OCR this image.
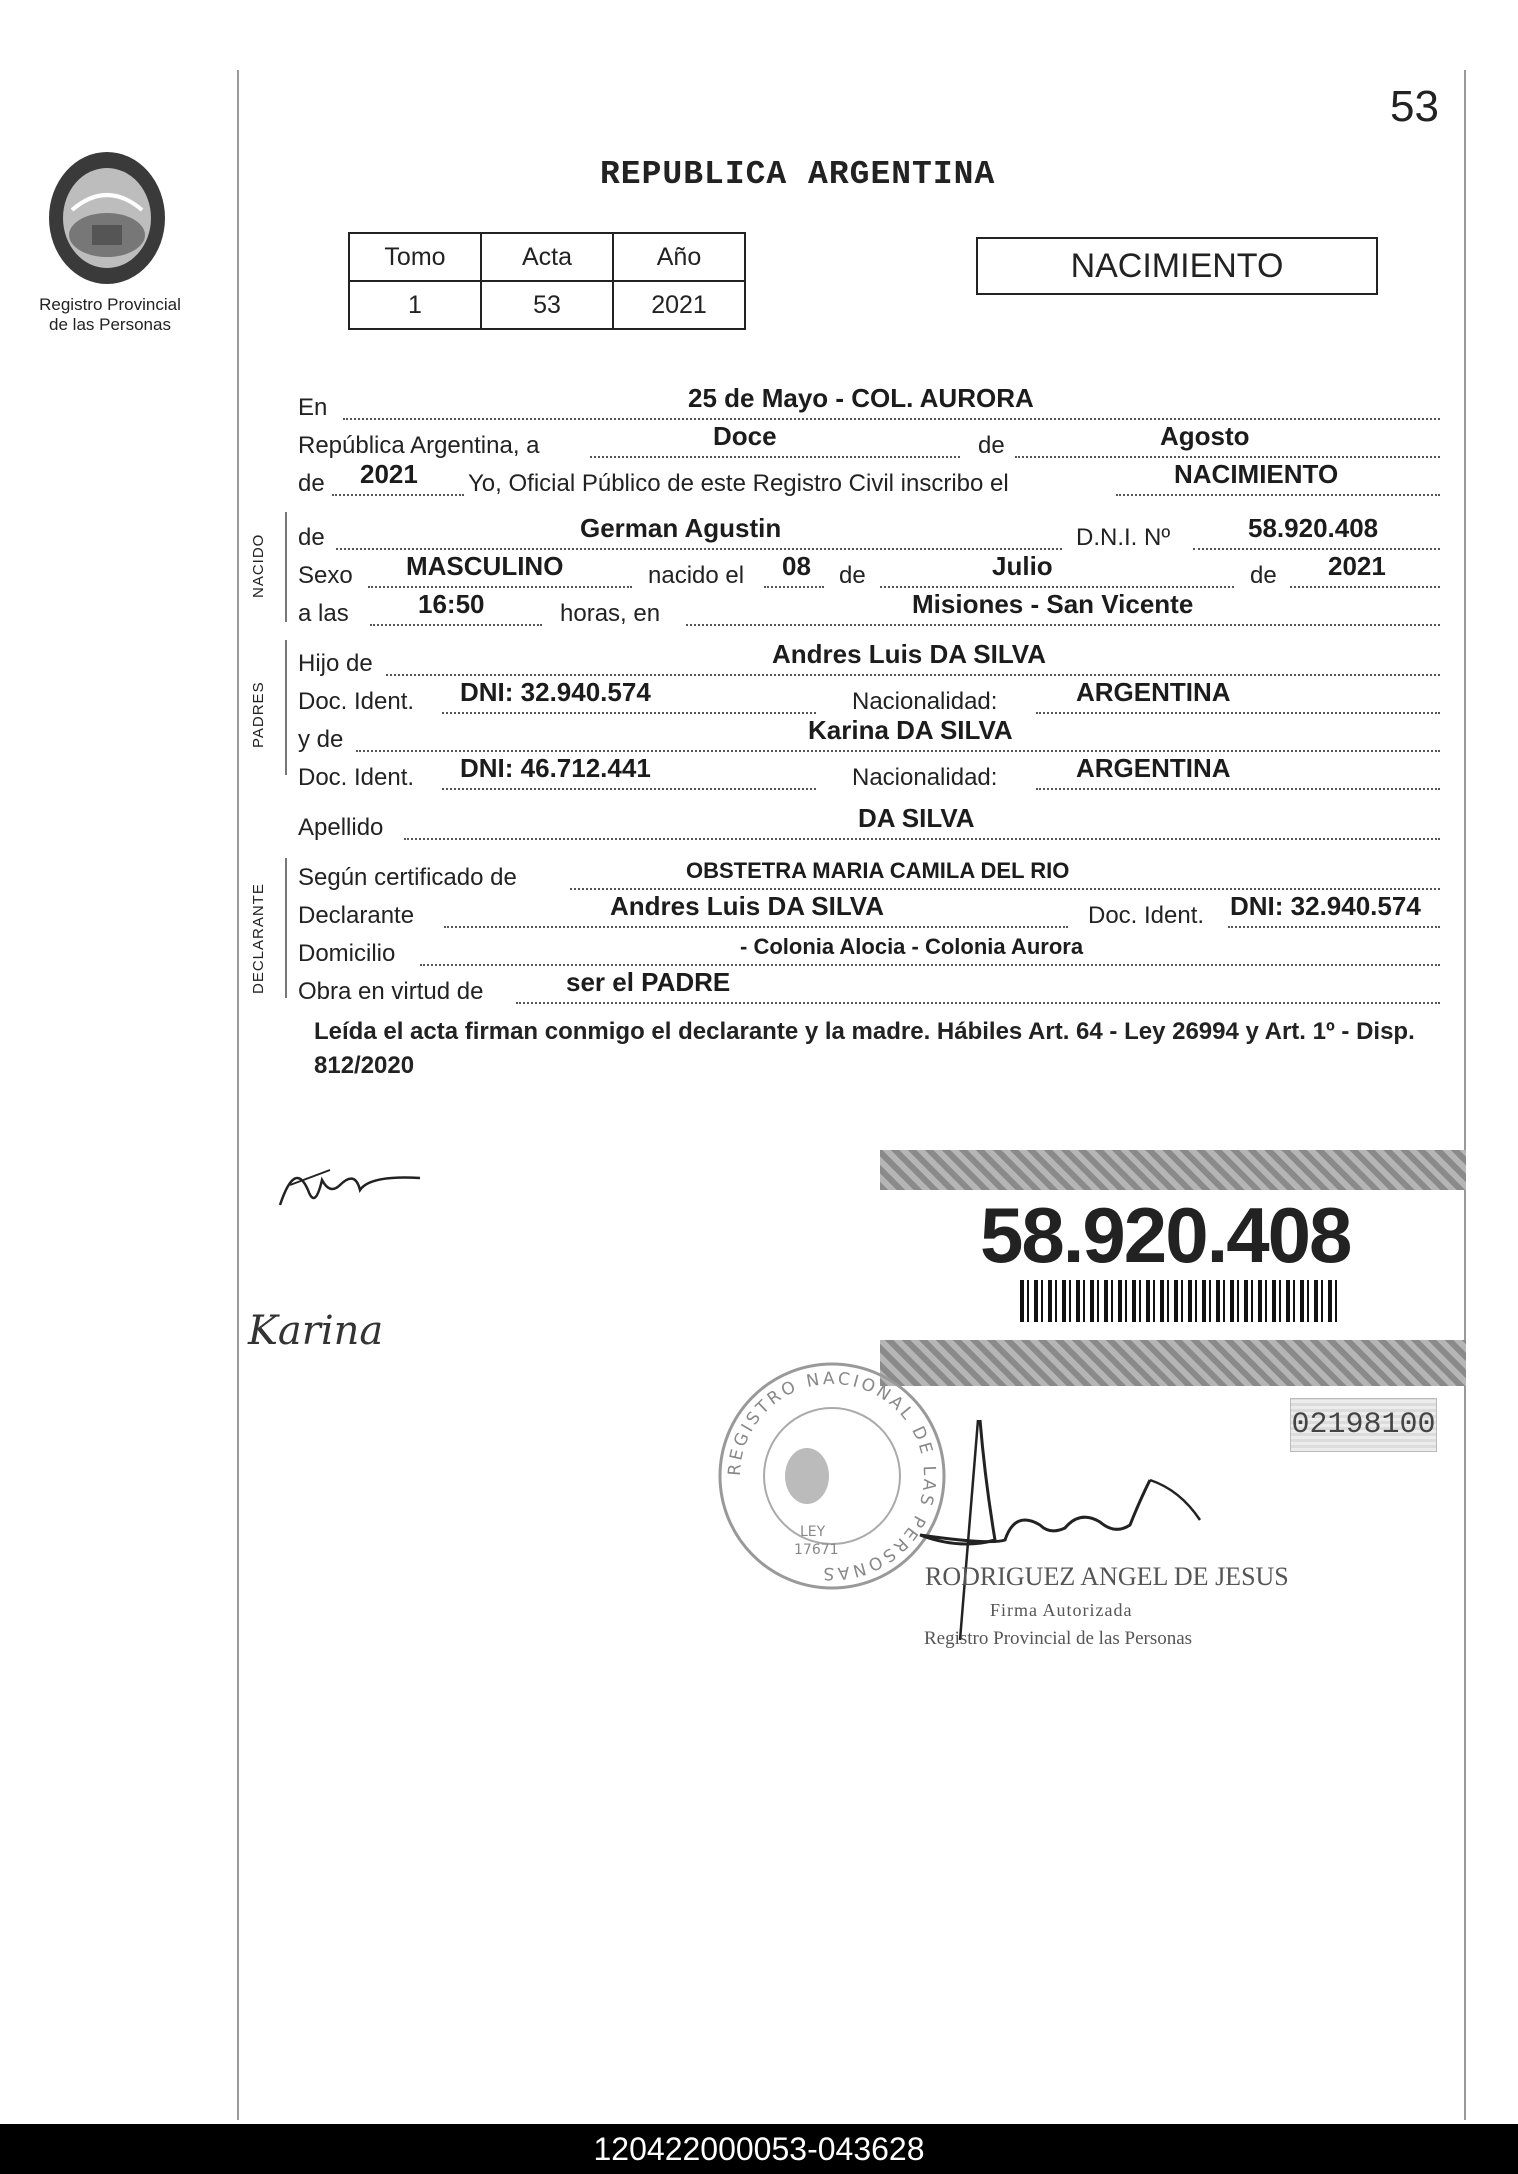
53
Registro Provincial
de las Personas
REPUBLICA ARGENTINA
Tomo	Acta	Año
1	53	2021
NACIMIENTO
En	25 de Mayo - COL. AURORA
República Argentina, a	Doce	de	Agosto
de 2021 Yo, Oficial Público de este Registro Civil inscribo el	NACIMIENTO
NACIDO de	German Agustin	D.N.I. Nº	58.920.408
Sexo MASCULINO	nacido el 08 de	Julio	de 2021
a las	16:50	horas, en	Misiones - San Vicente
PADRES
Hijo de	Andres Luis DA SILVA
Doc. Ident. DNI: 32.940.574	Nacionalidad:	ARGENTINA
y de	Karina DA SILVA
Doc. Ident. DNI: 46.712.441	Nacionalidad:	ARGENTINA
Apellido	DA SILVA
DECLARANTE
Según certificado de	OBSTETRA MARIA CAMILA DEL RIO
Declarante	Andres Luis DA SILVA	Doc. Ident. DNI: 32.940.574
Domicilio	- Colonia Alocia - Colonia Aurora
Obra en virtud de	ser el PADRE
Leída el acta firman conmigo el declarante y la madre. Hábiles Art. 64 - Ley 26994 y Art. 1º - Disp. 812/2020
Karina
58.920.408
02198100
REGISTRO NACIONAL DE LAS PERSONAS
LEY
17671
RODRIGUEZ ANGEL DE JESUS
Firma Autorizada
Registro Provincial de las Personas
120422000053-043628
